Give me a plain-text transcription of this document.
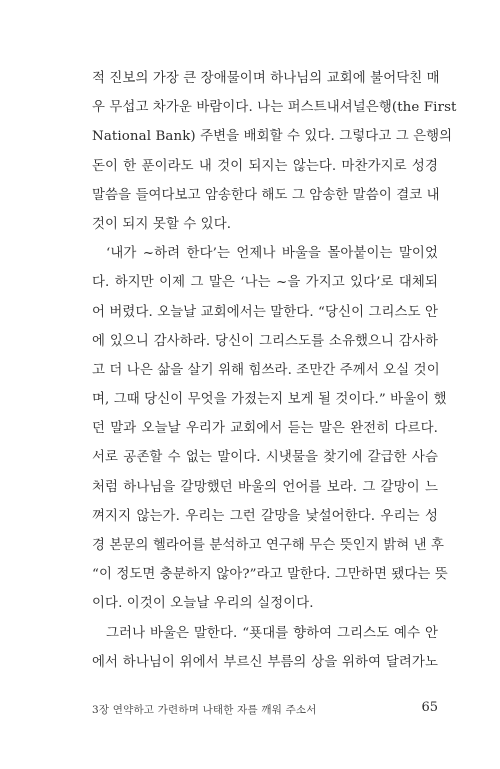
적 진보의 가장 큰 장애물이며 하나님의 교회에 불어닥친 매
우 무섭고 차가운 바람이다. 나는 퍼스트내셔널은행(the First
National Bank) 주변을 배회할 수 있다. 그렇다고 그 은행의
돈이 한 푼이라도 내 것이 되지는 않는다. 마찬가지로 성경
말씀을 들여다보고 암송한다 해도 그 암송한 말씀이 결코 내
것이 되지 못할 수 있다.
‘내가 ~하려 한다’는 언제나 바울을 몰아붙이는 말이었
다. 하지만 이제 그 말은 ‘나는 ~을 가지고 있다’로 대체되
어 버렸다. 오늘날 교회에서는 말한다. “당신이 그리스도 안
에 있으니 감사하라. 당신이 그리스도를 소유했으니 감사하
고 더 나은 삶을 살기 위해 힘쓰라. 조만간 주께서 오실 것이
며, 그때 당신이 무엇을 가졌는지 보게 될 것이다.” 바울이 했
던 말과 오늘날 우리가 교회에서 듣는 말은 완전히 다르다.
서로 공존할 수 없는 말이다. 시냇물을 찾기에 갈급한 사슴
처럼 하나님을 갈망했던 바울의 언어를 보라. 그 갈망이 느
껴지지 않는가. 우리는 그런 갈망을 낯설어한다. 우리는 성
경 본문의 헬라어를 분석하고 연구해 무슨 뜻인지 밝혀 낸 후
“이 정도면 충분하지 않아?”라고 말한다. 그만하면 됐다는 뜻
이다. 이것이 오늘날 우리의 실정이다.
그러나 바울은 말한다. “푯대를 향하여 그리스도 예수 안
에서 하나님이 위에서 부르신 부름의 상을 위하여 달려가노
3장 연약하고 가련하며 나태한 자를 깨워 주소서	65
